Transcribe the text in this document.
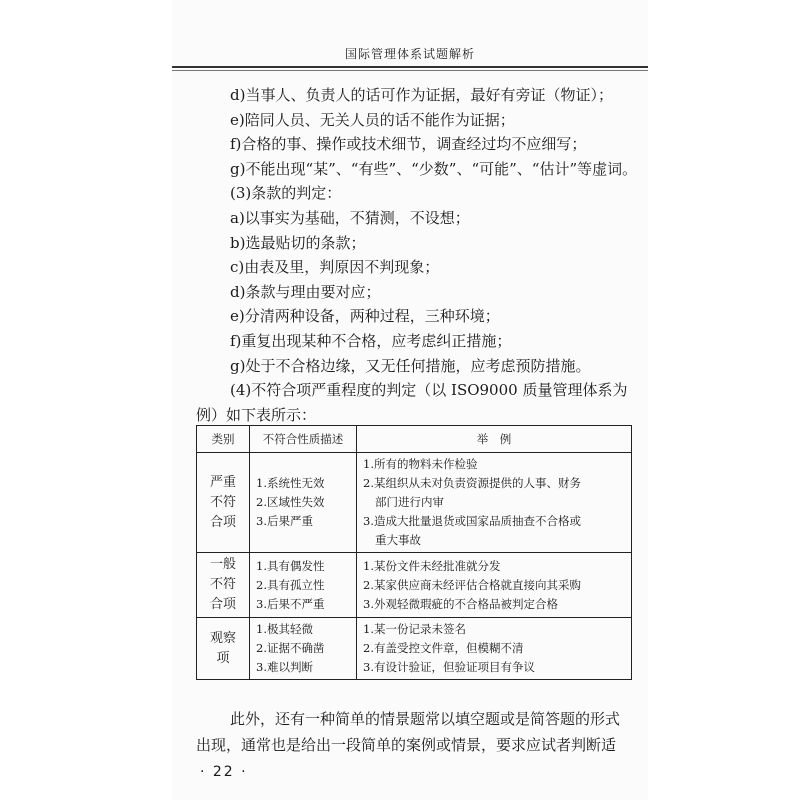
国际管理体系试题解析
d)当事人、负责人的话可作为证据，最好有旁证（物证）；
e)陪同人员、无关人员的话不能作为证据；
f)合格的事、操作或技术细节，调查经过均不应细写；
g)不能出现“某”、“有些”、“少数”、“可能”、“估计”等虚词。
(3)条款的判定：
a)以事实为基础，不猜测，不设想；
b)选最贴切的条款；
c)由表及里，判原因不判现象；
d)条款与理由要对应；
e)分清两种设备，两种过程，三种环境；
f)重复出现某种不合格，应考虑纠正措施；
g)处于不合格边缘，又无任何措施，应考虑预防措施。
(4)不符合项严重程度的判定（以 ISO9000 质量管理体系为
例）如下表所示：
类别	不符合性质描述	举　例

严重
不符
合项	1.系统性无效
2.区域性失效
3.后果严重	1.所有的物料未作检验
2.某组织从未对负责资源提供的人事、财务
部门进行内审
3.造成大批量退货或国家品质抽查不合格或
重大事故

一般
不符
合项	1.具有偶发性
2.具有孤立性
3.后果不严重	1.某份文件未经批准就分发
2.某家供应商未经评估合格就直接向其采购
3.外观轻微瑕疵的不合格品被判定合格

观察
项	1.极其轻微
2.证据不确凿
3.难以判断	1.某一份记录未签名
2.有盖受控文件章，但模糊不清
3.有设计验证，但验证项目有争议
此外，还有一种简单的情景题常以填空题或是简答题的形式
出现，通常也是给出一段简单的案例或情景，要求应试者判断适
· 22 ·
